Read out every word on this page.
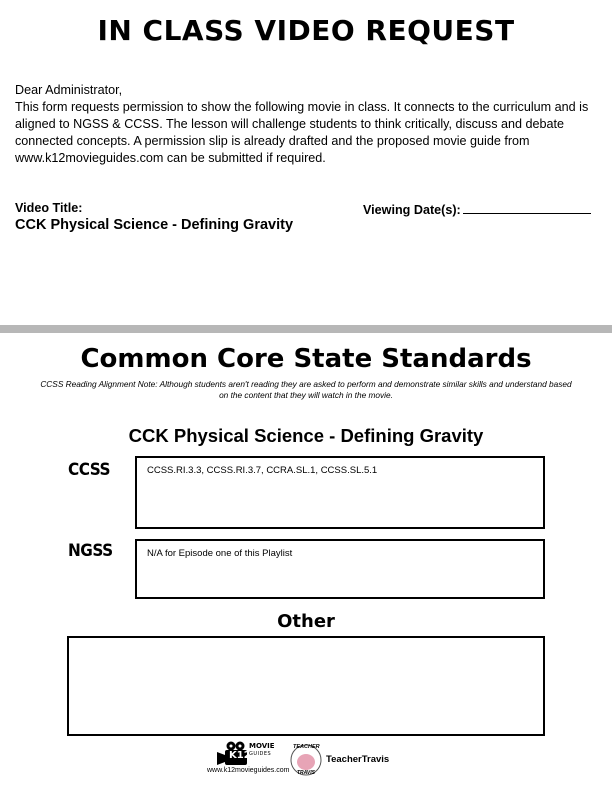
IN CLASS VIDEO REQUEST
Dear Administrator,
This form requests permission to show the following movie in class. It connects to the curriculum and is aligned to NGSS & CCSS. The lesson will challenge students to think critically, discuss and debate connected concepts. A permission slip is already drafted and the proposed movie guide from www.k12movieguides.com can be submitted if required.
Video Title:
CCK Physical Science - Defining Gravity
Viewing Date(s):
Common Core State Standards
CCSS Reading Alignment Note: Although students aren't reading they are asked to perform and demonstrate similar skills and understand based on the content that they will watch in the movie.
CCK Physical Science - Defining Gravity
CCSS	CCSS.RI.3.3, CCSS.RI.3.7, CCRA.SL.1, CCSS.SL.5.1
NGSS	N/A for Episode one of this Playlist
Other
K12
MOVIE
GUIDES
www.k12movieguides.com
TEACHER
TRAVIS
TeacherTravis
